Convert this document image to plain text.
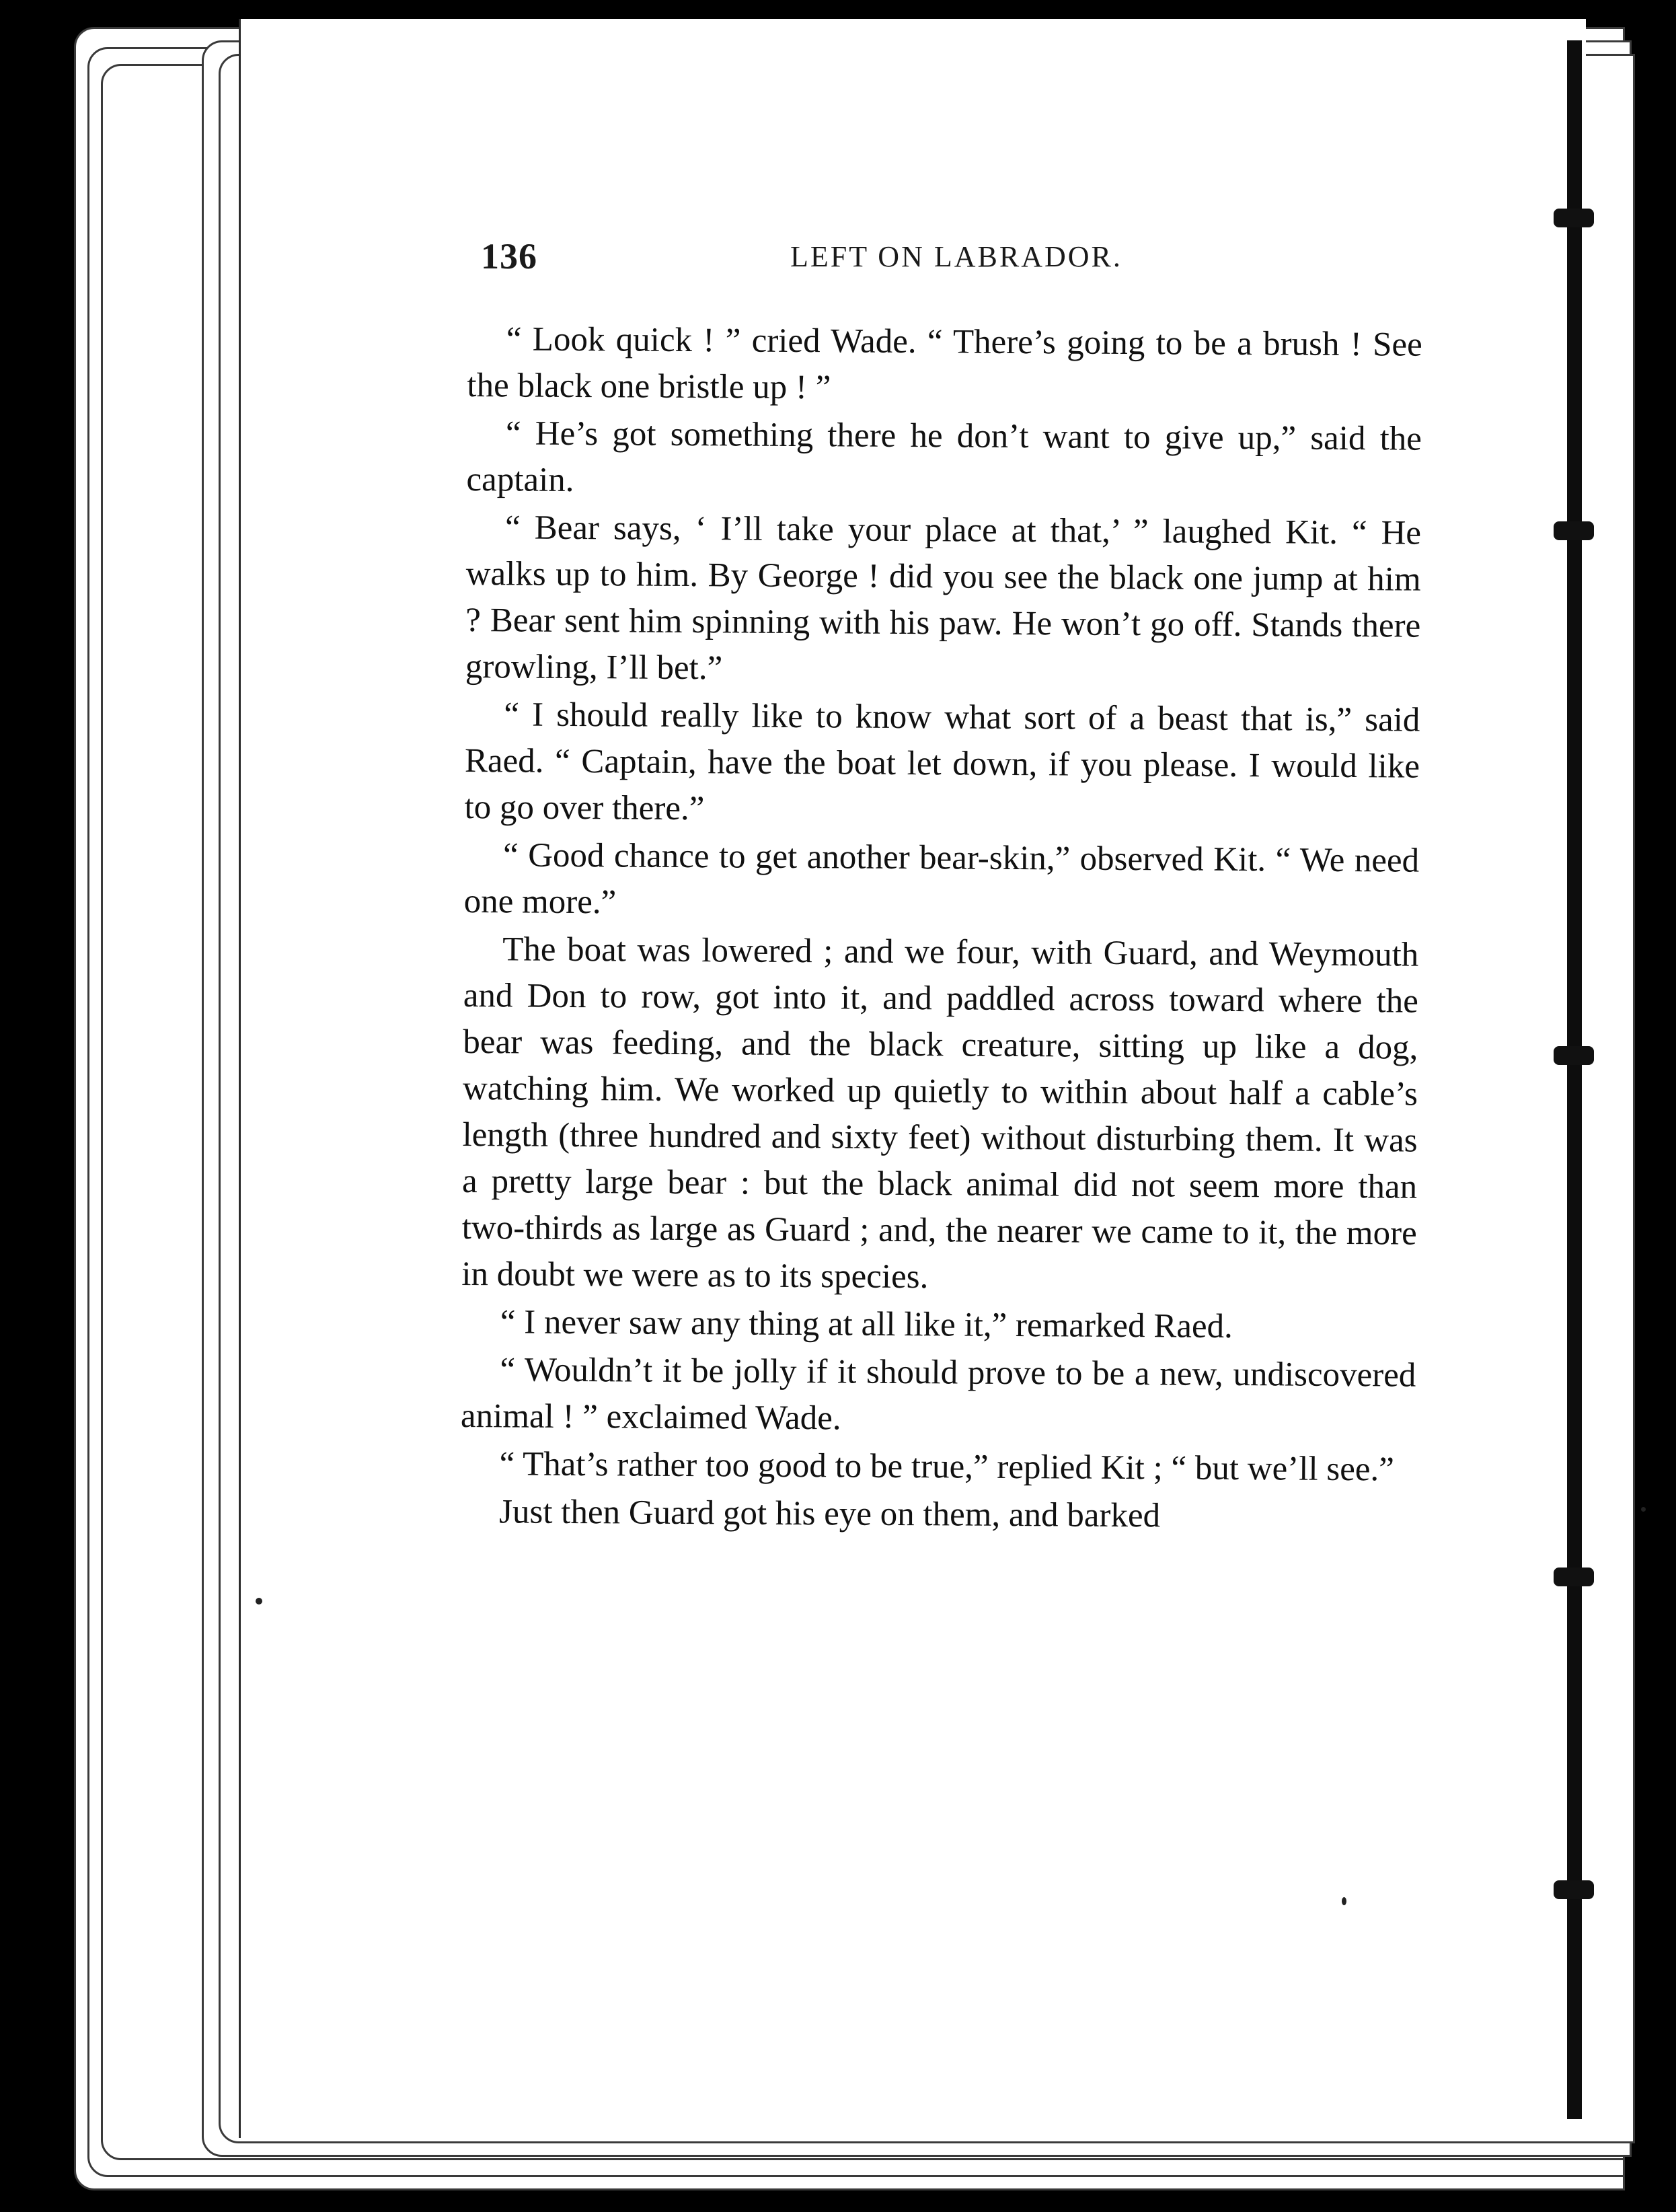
136	LEFT ON LABRADOR.

“ Look quick ! ” cried Wade. “ There’s going to be a brush ! See the black one bristle up ! ”

“ He’s got something there he don’t want to give up,” said the captain.

“ Bear says, ‘ I’ll take your place at that,’ ” laughed Kit. “ He walks up to him. By George ! did you see the black one jump at him ? Bear sent him spinning with his paw. He won’t go off. Stands there growling, I’ll bet.”

“ I should really like to know what sort of a beast that is,” said Raed. “ Captain, have the boat let down, if you please. I would like to go over there.”

“ Good chance to get another bear-skin,” observed Kit. “ We need one more.”

The boat was lowered ; and we four, with Guard, and Weymouth and Don to row, got into it, and paddled across toward where the bear was feeding, and the black creature, sitting up like a dog, watching him. We worked up quietly to within about half a cable’s length (three hundred and sixty feet) without disturbing them. It was a pretty large bear : but the black animal did not seem more than two-thirds as large as Guard ; and, the nearer we came to it, the more in doubt we were as to its species.

“ I never saw any thing at all like it,” remarked Raed.

“ Wouldn’t it be jolly if it should prove to be a new, undiscovered animal ! ” exclaimed Wade.

“ That’s rather too good to be true,” replied Kit ; “ but we’ll see.”

Just then Guard got his eye on them, and barked
